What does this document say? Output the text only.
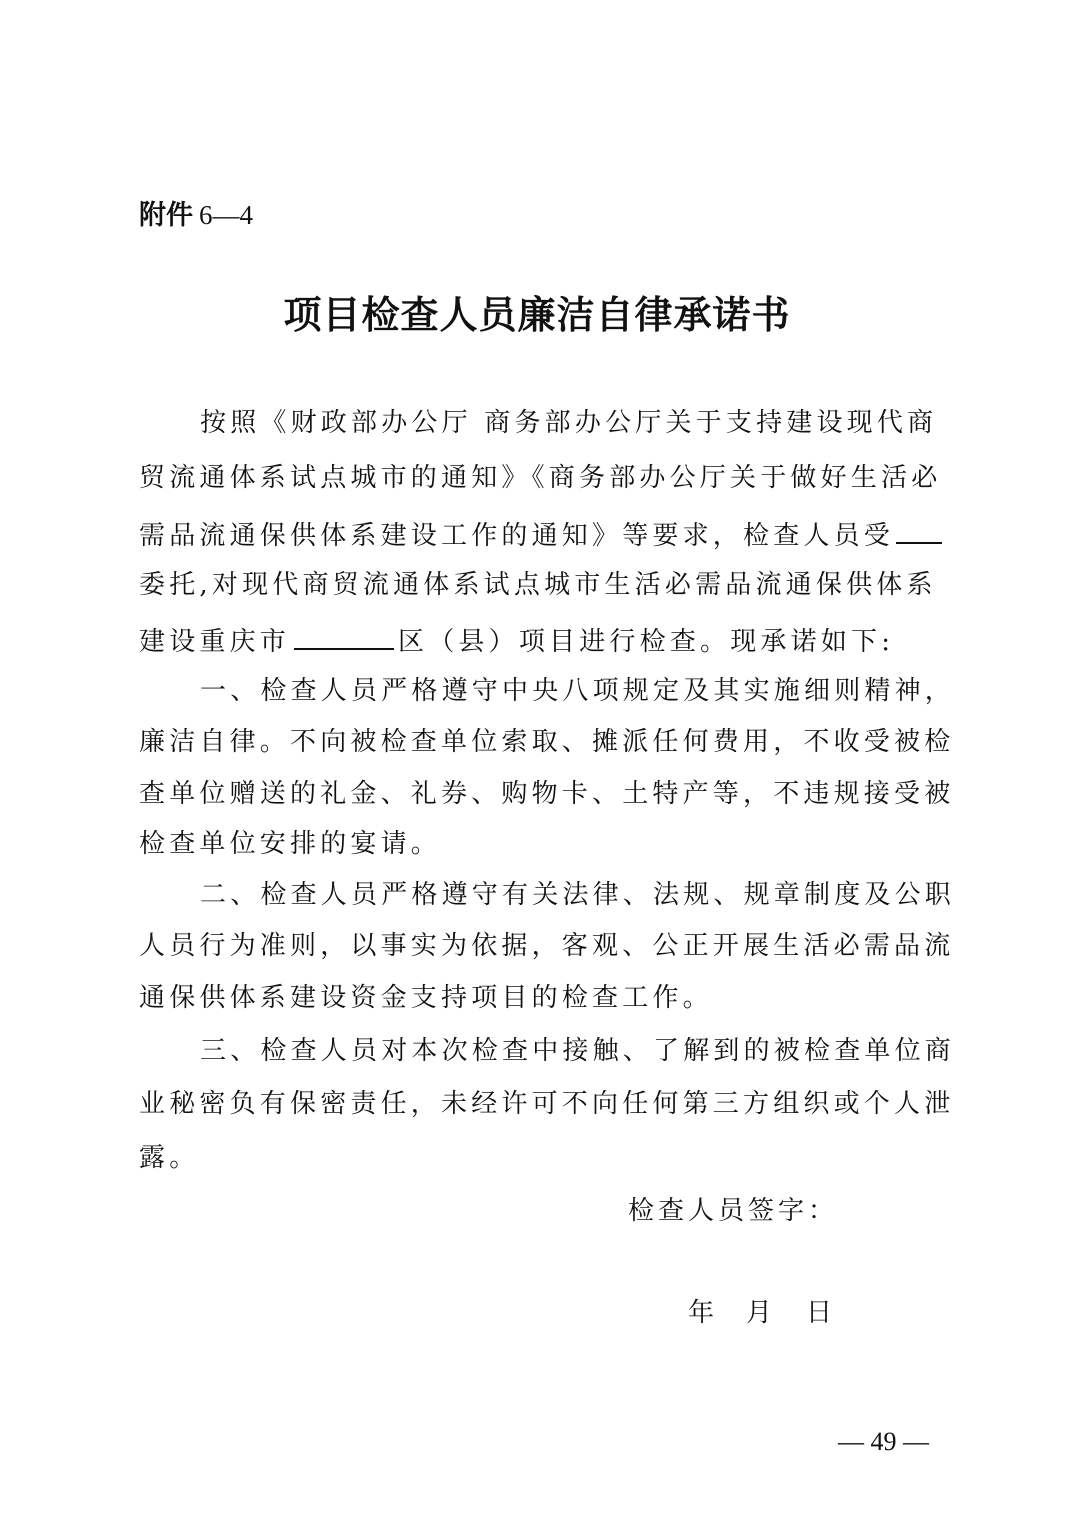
附件 6—4
项目检查人员廉洁自律承诺书
按照《财政部办公厅 商务部办公厅关于支持建设现代商
贸流通体系试点城市的通知》《商务部办公厅关于做好生活必
需品流通保供体系建设工作的通知》等要求，检查人员受
委托,对现代商贸流通体系试点城市生活必需品流通保供体系
建设重庆市	区（县）项目进行检查。现承诺如下:
一、检查人员严格遵守中央八项规定及其实施细则精神，
廉洁自律。不向被检查单位索取、摊派任何费用，不收受被检
查单位赠送的礼金、礼券、购物卡、土特产等，不违规接受被
检查单位安排的宴请。
二、检查人员严格遵守有关法律、法规、规章制度及公职
人员行为准则，以事实为依据，客观、公正开展生活必需品流
通保供体系建设资金支持项目的检查工作。
三、检查人员对本次检查中接触、了解到的被检查单位商
业秘密负有保密责任，未经许可不向任何第三方组织或个人泄
露。
检查人员签字：
年 月 日
— 49 —
